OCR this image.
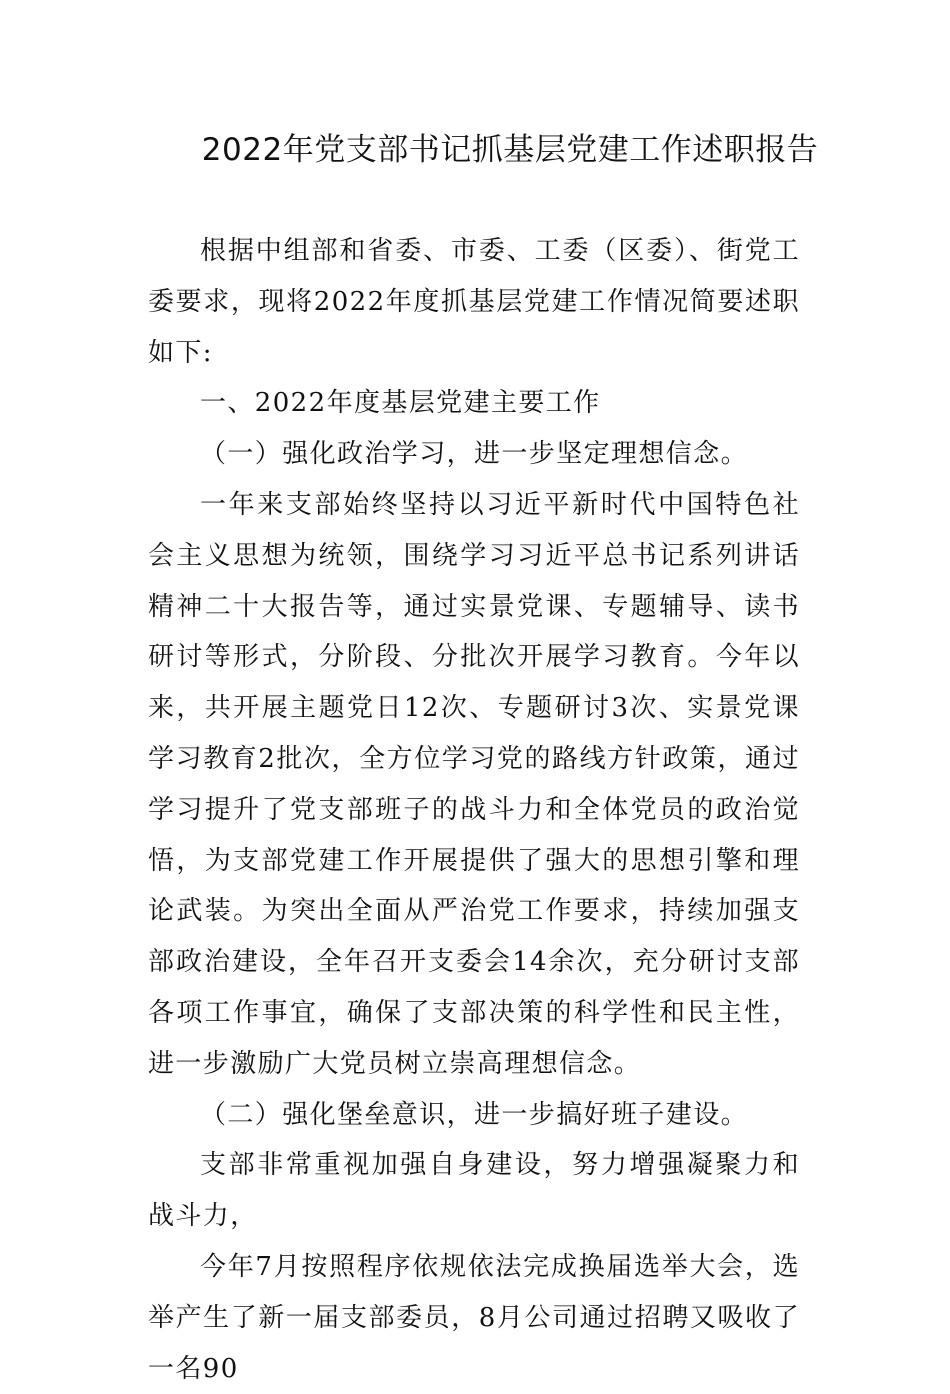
2022年党支部书记抓基层党建工作述职报告

根据中组部和省委、市委、工委（区委）、街党工委要求，现将2022年度抓基层党建工作情况简要述职如下:

一、2022年度基层党建主要工作

（一）强化政治学习，进一步坚定理想信念。

一年来支部始终坚持以习近平新时代中国特色社会主义思想为统领，围绕学习习近平总书记系列讲话精神二十大报告等，通过实景党课、专题辅导、读书研讨等形式，分阶段、分批次开展学习教育。今年以来，共开展主题党日12次、专题研讨3次、实景党课学习教育2批次，全方位学习党的路线方针政策，通过学习提升了党支部班子的战斗力和全体党员的政治觉悟，为支部党建工作开展提供了强大的思想引擎和理论武装。为突出全面从严治党工作要求，持续加强支部政治建设，全年召开支委会14余次，充分研讨支部各项工作事宜，确保了支部决策的科学性和民主性，进一步激励广大党员树立崇高理想信念。

（二）强化堡垒意识，进一步搞好班子建设。

支部非常重视加强自身建设，努力增强凝聚力和战斗力，

今年7月按照程序依规依法完成换届选举大会，选举产生了新一届支部委员，8月公司通过招聘又吸收了一名90
